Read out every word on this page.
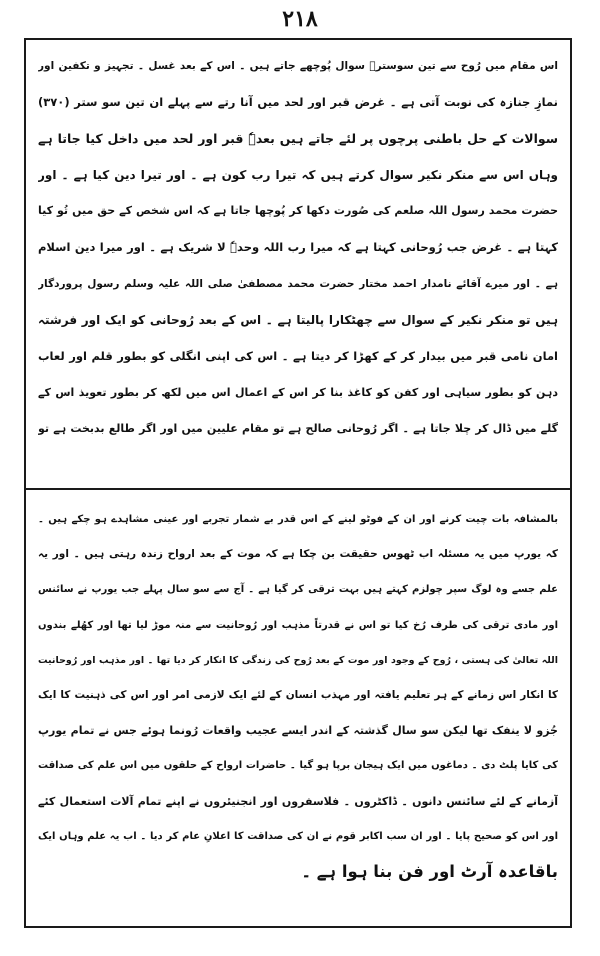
۲۱۸
اس مقام میں رُوح سے تین سوسترؔ سوال پُوچھے جاتے ہیں ۔ اس کے بعد غسل ۔ تجہیز و تکفین اور
نمازِ جنازہ کی نوبت آتی ہے ۔ غرض قبر اور لحد میں آنا رتے سے پہلے ان تین سو ستر (۳۷۰)
سوالات کے حل باطنی پرچوں پر لئے جاتے ہیں بعدہٗ قبر اور لحد میں داخل کیا جاتا ہے
وہاں اس سے منکر نکیر سوال کرتے ہیں کہ تیرا رب کون ہے ۔ اور تیرا دین کیا ہے ۔ اور
حضرت محمد رسول اللہ صلعم کی صُورت دکھا کر پُوچھا جاتا ہے کہ اس شخص کے حق میں تُو کیا
کہتا ہے ۔ غرض جب رُوحانی کہتا ہے کہ میرا رب اللہ وحدہٗ لا شریک ہے ۔ اور میرا دین اسلام
ہے ۔ اور میرے آقائے نامدار احمد مختار حضرت محمد مصطفیٰ صلی اللہ علیہ وسلم رسول پروردگار
ہیں تو منکر نکیر کے سوال سے چھٹکارا پالیتا ہے ۔ اس کے بعد رُوحانی کو ایک اور فرشتہ
امان نامی قبر میں بیدار کر کے کھڑا کر دیتا ہے ۔ اس کی اپنی انگلی کو بطور قلم اور لعاب
دہن کو بطور سیاہی اور کفن کو کاغذ بنا کر اس کے اعمال اس میں لکھ کر بطور تعویذ اس کے
گلے میں ڈال کر چلا جاتا ہے ۔ اگر رُوحانی صالح ہے تو مقام علیین میں اور اگر طالع بدبخت ہے تو
بالمشافہ بات چیت کرنے اور ان کے فوٹو لینے کے اس قدر بے شمار تجربے اور عینی مشاہدے ہو چکے ہیں ۔
کہ یورپ میں یہ مسئلہ اب ٹھوس حقیقت بن چکا ہے کہ موت کے بعد ارواح زندہ رہتی ہیں ۔ اور یہ
علم جسے وہ لوگ سپر چولزم کہتے ہیں بہت ترقی کر گیا ہے ۔ آج سے سو سال پہلے جب یورپ نے سائنس
اور مادی ترقی کی طرف رُخ کیا تو اس نے قدرتاً مذہب اور رُوحانیت سے منہ موڑ لیا تھا اور کھُلے بندوں
اللہ تعالیٰ کی ہستی ، رُوح کے وجود اور موت کے بعد رُوح کی زندگی کا انکار کر دیا تھا ۔ اور مذہب اور رُوحانیت
کا انکار اس زمانے کے ہر تعلیم یافتہ اور مہذب انسان کے لئے ایک لازمی امر اور اس کی ذہنیت کا ایک
جُزو لا ینفک تھا لیکن سو سال گذشتہ کے اندر ایسے عجیب واقعات رُونما ہوئے جس نے تمام یورپ
کی کایا پلٹ دی ۔ دماغوں میں ایک ہیجان برپا ہو گیا ۔ حاضرات ارواح کے حلقوں میں اس علم کی صداقت
آزمانے کے لئے سائنس دانوں ۔ ڈاکٹروں ۔ فلاسفروں اور انجنیئروں نے اپنے تمام آلات استعمال کئے
اور اس کو صحیح پایا ۔ اور ان سب اکابر قوم نے ان کی صداقت کا اعلانِ عام کر دیا ۔ اب یہ علم وہاں ایک
باقاعدہ آرٹ اور فن بنا ہوا ہے ۔
